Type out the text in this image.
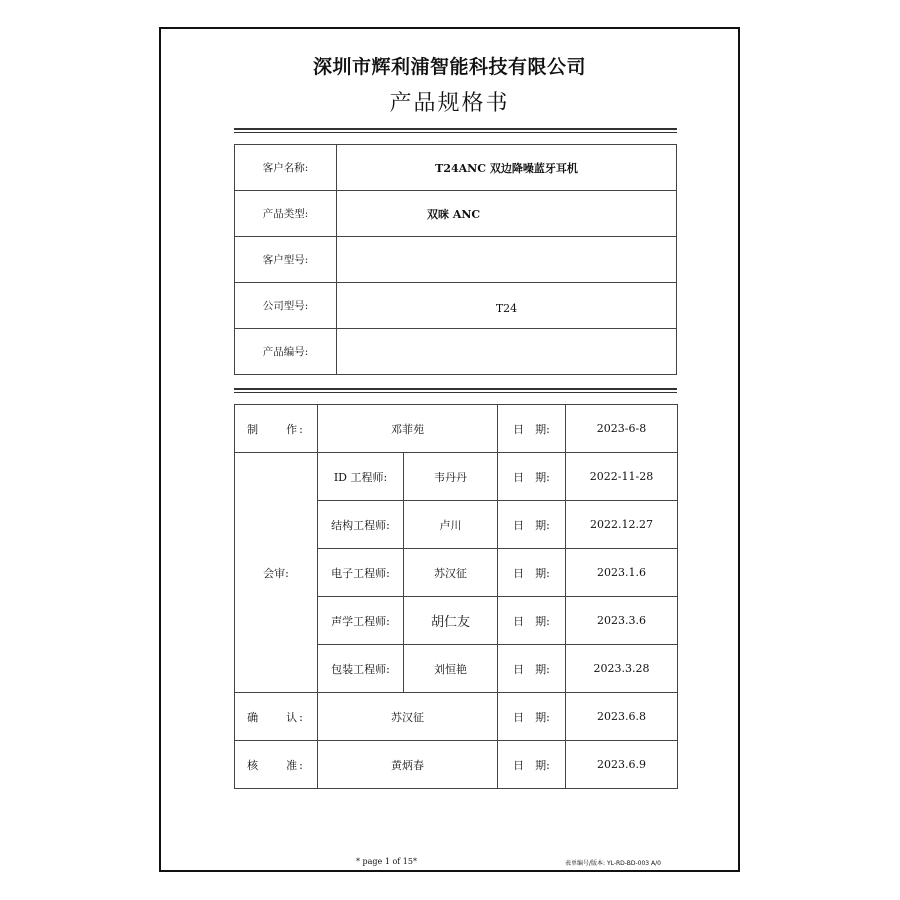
深圳市辉利浦智能科技有限公司
产品规格书
客户名称:	T24ANC 双边降噪蓝牙耳机
产品类型:	双咪 ANC
客户型号:	
公司型号:	T24
产品编号:	
制　　作:	邓菲苑		日　期:	2023-6-8
会审:	ID 工程师:	韦丹丹	日　期:	2022-11-28
	结构工程师:	卢川	日　期:	2022.12.27
	电子工程师:	苏汉征	日　期:	2023.1.6
	声学工程师:	胡仁友	日　期:	2023.3.6
	包装工程师:	刘恒艳	日　期:	2023.3.28
确　　认:	苏汉征		日　期:	2023.6.8
核　　准:	黄炳春		日　期:	2023.6.9
* page 1 of 15*	表单编号/版本: YL-RD-BD-003 A/0
